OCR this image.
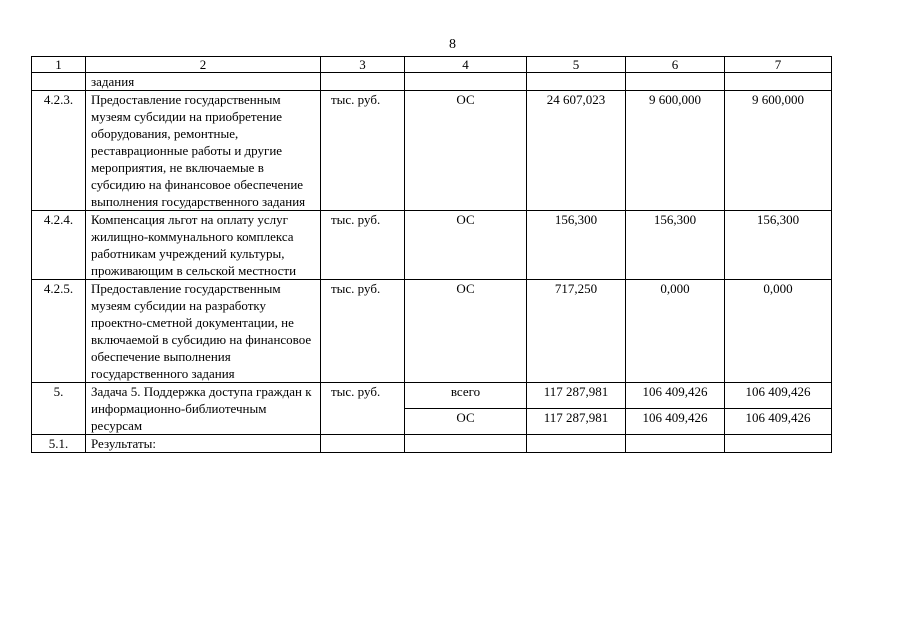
8
1	2	3	4	5	6	7
	задания					
4.2.3.	Предоставление государственным музеям субсидии на приобретение оборудования, ремонтные, реставрационные работы и другие мероприятия, не включаемые в субсидию на финансовое обеспечение выполнения государственного задания	тыс. руб.	ОС	24 607,023	9 600,000	9 600,000
4.2.4.	Компенсация льгот на оплату услуг жилищно-коммунального комплекса работникам учреждений культуры, проживающим в сельской местности	тыс. руб.	ОС	156,300	156,300	156,300
4.2.5.	Предоставление государственным музеям субсидии на разработку проектно-сметной документации, не включаемой в субсидию на финансовое обеспечение выполнения государственного задания	тыс. руб.	ОС	717,250	0,000	0,000
5.	Задача 5. Поддержка доступа граждан к информационно-библиотечным ресурсам	тыс. руб.	всего	117 287,981	106 409,426	106 409,426
			ОС	117 287,981	106 409,426	106 409,426
5.1.	Результаты:					
